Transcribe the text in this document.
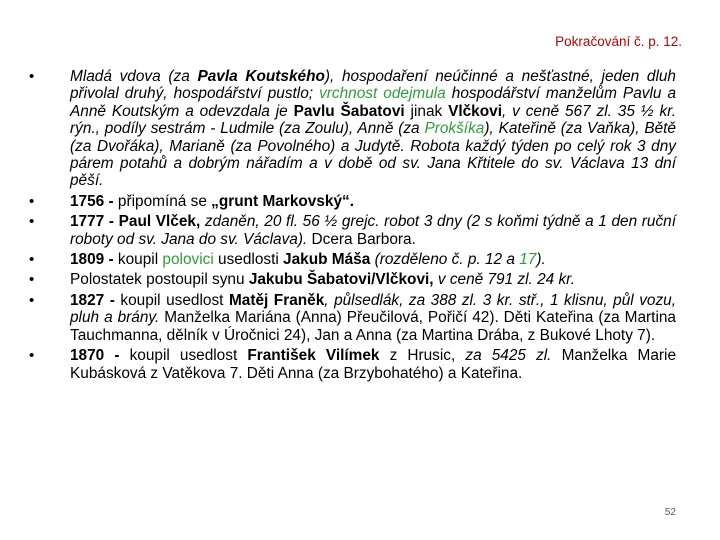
Pokračování č. p. 12.
• Mladá vdova (za Pavla Koutského), hospodaření neúčinné a nešťastné, jeden dluh přivolal druhý, hospodářství pustlo; vrchnost odejmula hospodářství manželům Pavlu a Anně Koutským a odevzdala je Pavlu Šabatovi jinak Vlčkovi, v ceně 567 zl. 35 ½ kr. rýn., podíly sestrám - Ludmile (za Zoulu), Anně (za Prokšíka), Kateřině (za Vaňka), Bětě (za Dvořáka), Marianě (za Povolného) a Judytě. Robota každý týden po celý rok 3 dny párem potahů a dobrým nářadím a v době od sv. Jana Křtitele do sv. Václava 13 dní pěší.
• 1756 - připomíná se „grunt Markovský“.
• 1777 - Paul Vlček, zdaněn, 20 fl. 56 ½ grejc. robot 3 dny (2 s koňmi týdně a 1 den ruční roboty od sv. Jana do sv. Václava). Dcera Barbora.
• 1809 - koupil polovici usedlosti Jakub Máša (rozděleno č. p. 12 a 17).
• Polostatek postoupil synu Jakubu Šabatovi/Vlčkovi, v ceně 791 zl. 24 kr.
• 1827 - koupil usedlost Matěj Franěk, půlsedlák, za 388 zl. 3 kr. stř., 1 klisnu, půl vozu, pluh a brány. Manželka Mariána (Anna) Přeučilová, Pořičí 42). Děti Kateřina (za Martina Tauchmanna, dělník v Úročnici 24), Jan a Anna (za Martina Drába, z Bukové Lhoty 7).
• 1870 - koupil usedlost František Vilímek z Hrusic, za 5425 zl. Manželka Marie Kubásková z Vatěkova 7. Děti Anna (za Brzybohatého) a Kateřina.
52
